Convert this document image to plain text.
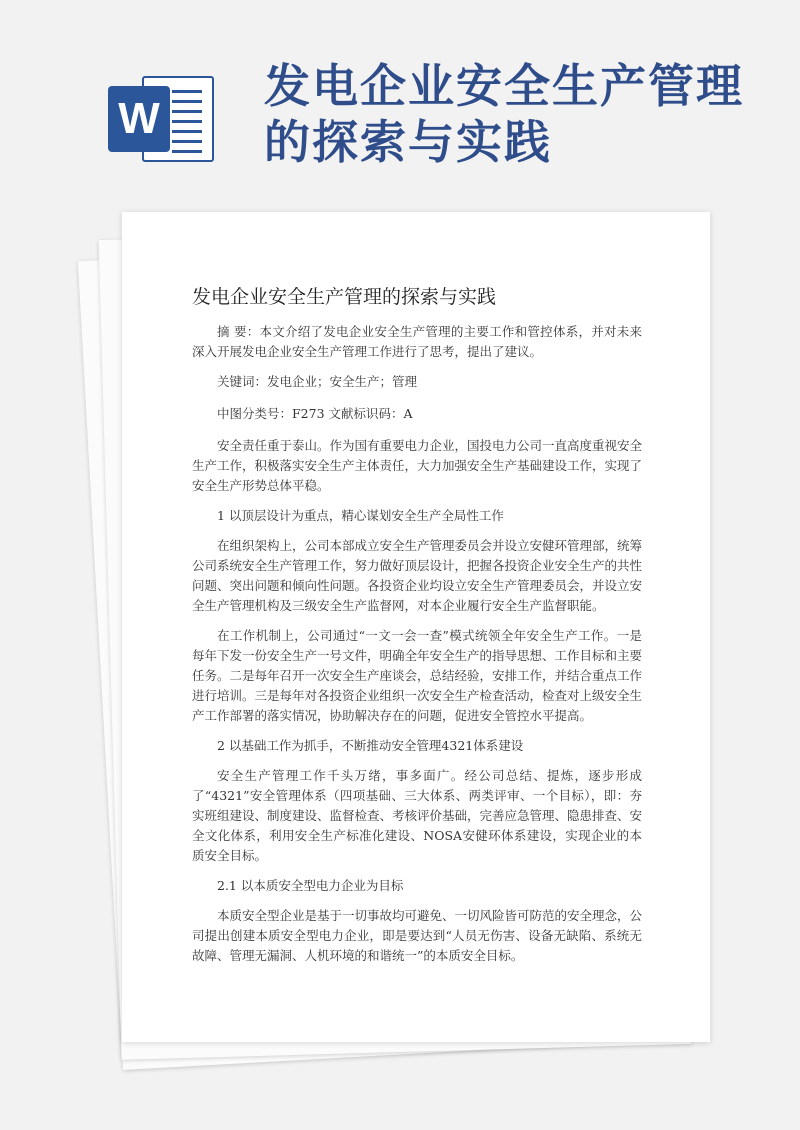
W
发电企业安全生产管理的探索与实践
发电企业安全生产管理的探索与实践

摘 要：本文介绍了发电企业安全生产管理的主要工作和管控体系，并对未来深入开展发电企业安全生产管理工作进行了思考，提出了建议。

关键词：发电企业；安全生产；管理

中图分类号：F273 文献标识码：A

安全责任重于泰山。作为国有重要电力企业，国投电力公司一直高度重视安全生产工作，积极落实安全生产主体责任，大力加强安全生产基础建设工作，实现了安全生产形势总体平稳。

1 以顶层设计为重点，精心谋划安全生产全局性工作

在组织架构上，公司本部成立安全生产管理委员会并设立安健环管理部，统筹公司系统安全生产管理工作，努力做好顶层设计，把握各投资企业安全生产的共性问题、突出问题和倾向性问题。各投资企业均设立安全生产管理委员会，并设立安全生产管理机构及三级安全生产监督网，对本企业履行安全生产监督职能。

在工作机制上，公司通过“一文一会一查”模式统领全年安全生产工作。一是每年下发一份安全生产一号文件，明确全年安全生产的指导思想、工作目标和主要任务。二是每年召开一次安全生产座谈会，总结经验，安排工作，并结合重点工作进行培训。三是每年对各投资企业组织一次安全生产检查活动，检查对上级安全生产工作部署的落实情况，协助解决存在的问题，促进安全管控水平提高。

2 以基础工作为抓手，不断推动安全管理4321体系建设

安全生产管理工作千头万绪，事多面广。经公司总结、提炼，逐步形成了“4321”安全管理体系（四项基础、三大体系、两类评审、一个目标），即：夯实班组建设、制度建设、监督检查、考核评价基础，完善应急管理、隐患排查、安全文化体系，利用安全生产标准化建设、NOSA安健环体系建设，实现企业的本质安全目标。

2.1 以本质安全型电力企业为目标

本质安全型企业是基于一切事故均可避免、一切风险皆可防范的安全理念，公司提出创建本质安全型电力企业，即是要达到“人员无伤害、设备无缺陷、系统无故障、管理无漏洞、人机环境的和谐统一”的本质安全目标。
